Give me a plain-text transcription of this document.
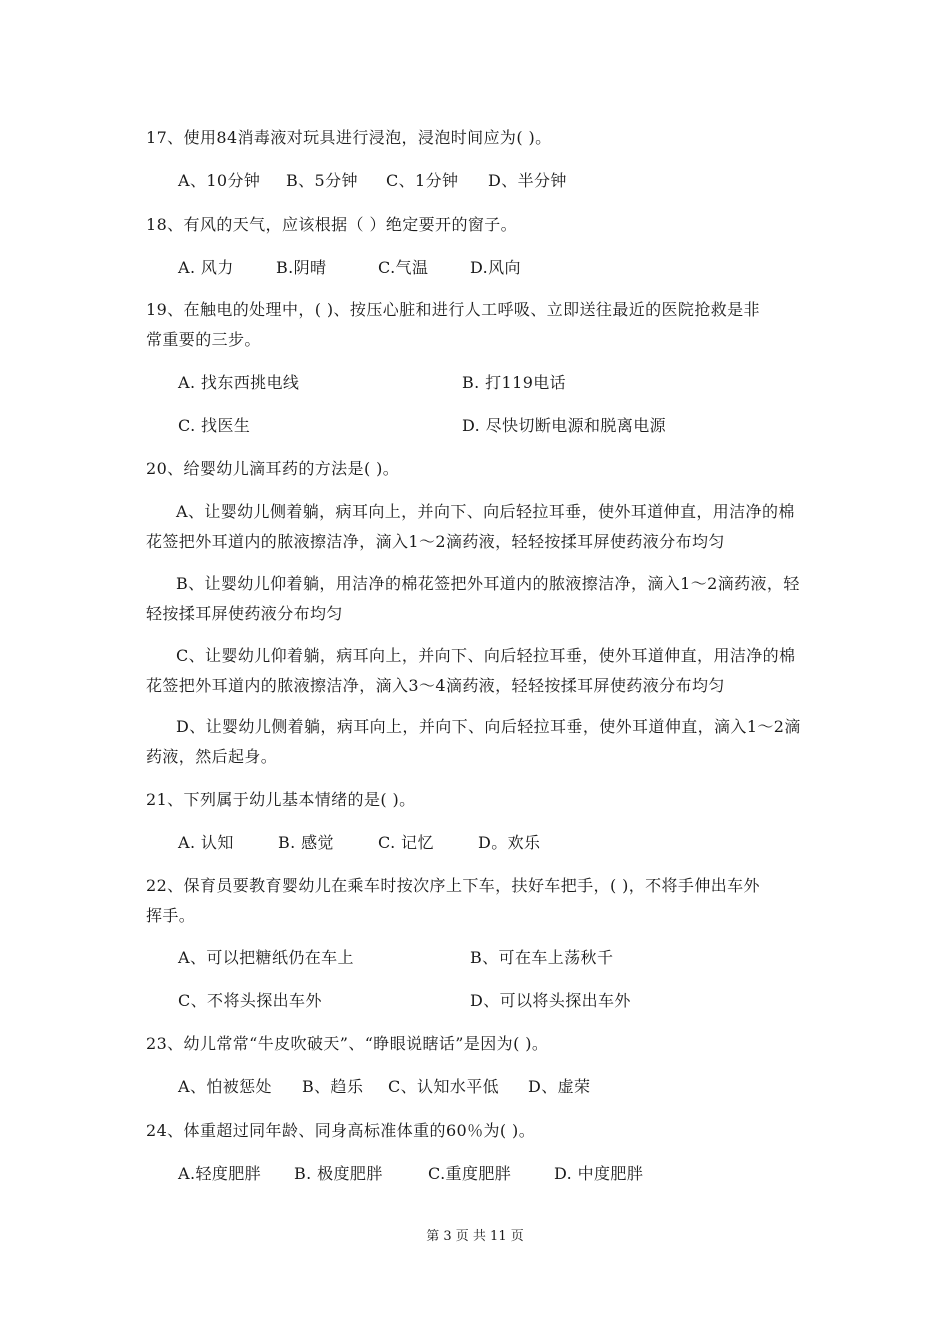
17、使用84消毒液对玩具进行浸泡，浸泡时间应为( )。
A、10分钟 B、5分钟 C、1分钟 D、半分钟
18、有风的天气，应该根据（ ）绝定要开的窗子。
A. 风力	B.阴晴	C.气温	D.风向
19、在触电的处理中，( )、按压心脏和进行人工呼吸、立即送往最近的医院抢救是非
常重要的三步。
A. 找东西挑电线	B. 打119电话
C. 找医生	D. 尽快切断电源和脱离电源
20、给婴幼儿滴耳药的方法是( )。
A、让婴幼儿侧着躺，病耳向上，并向下、向后轻拉耳垂，使外耳道伸直，用洁净的棉
花签把外耳道内的脓液擦洁净，滴入1～2滴药液，轻轻按揉耳屏使药液分布均匀
B、让婴幼儿仰着躺，用洁净的棉花签把外耳道内的脓液擦洁净，滴入1～2滴药液，轻
轻按揉耳屏使药液分布均匀
C、让婴幼儿仰着躺，病耳向上，并向下、向后轻拉耳垂，使外耳道伸直，用洁净的棉
花签把外耳道内的脓液擦洁净，滴入3～4滴药液，轻轻按揉耳屏使药液分布均匀
D、让婴幼儿侧着躺，病耳向上，并向下、向后轻拉耳垂，使外耳道伸直，滴入1～2滴
药液，然后起身。
21、下列属于幼儿基本情绪的是( )。
A. 认知	B. 感觉	C. 记忆	D。欢乐
22、保育员要教育婴幼儿在乘车时按次序上下车，扶好车把手，( )，不将手伸出车外
挥手。
A、可以把糖纸仍在车上	B、可在车上荡秋千
C、不将头探出车外	D、可以将头探出车外
23、幼儿常常“牛皮吹破天”、“睁眼说瞎话”是因为( )。
A、怕被惩处 B、趋乐 C、认知水平低 D、虚荣
24、体重超过同年龄、同身高标准体重的60％为( )。
A.轻度肥胖 B. 极度肥胖	C.重度肥胖	D. 中度肥胖
第 3 页 共 11 页
